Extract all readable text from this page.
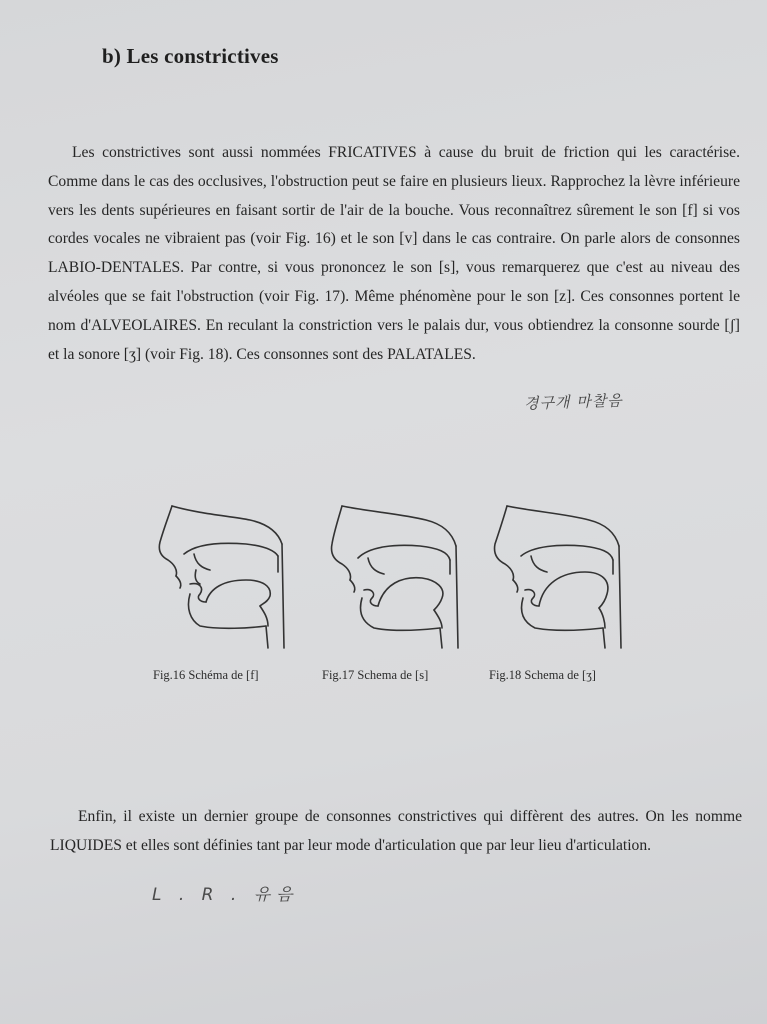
b) Les constrictives

Les constrictives sont aussi nommées FRICATIVES à cause du bruit de friction qui les caractérise. Comme dans le cas des occlusives, l'obstruction peut se faire en plusieurs lieux. Rapprochez la lèvre inférieure vers les dents supérieures en faisant sortir de l'air de la bouche. Vous reconnaîtrez sûrement le son [f] si vos cordes vocales ne vibraient pas (voir Fig. 16) et le son [v] dans le cas contraire. On parle alors de consonnes LABIO-DENTALES. Par contre, si vous prononcez le son [s], vous remarquerez que c'est au niveau des alvéoles que se fait l'obstruction (voir Fig. 17). Même phénomène pour le son [z]. Ces consonnes portent le nom d'ALVEOLAIRES. En reculant la constriction vers le palais dur, vous obtiendrez la consonne sourde [ʃ] et la sonore [ʒ] (voir Fig. 18). Ces consonnes sont des PALATALES.

경구개 마찰음
Fig.16 Schéma de [f]	Fig.17 Schema de [s]	Fig.18 Schema de [ʒ]

Enfin, il existe un dernier groupe de consonnes constrictives qui diffèrent des autres. On les nomme LIQUIDES et elles sont définies tant par leur mode d'articulation que par leur lieu d'articulation.

L . R . 유음
